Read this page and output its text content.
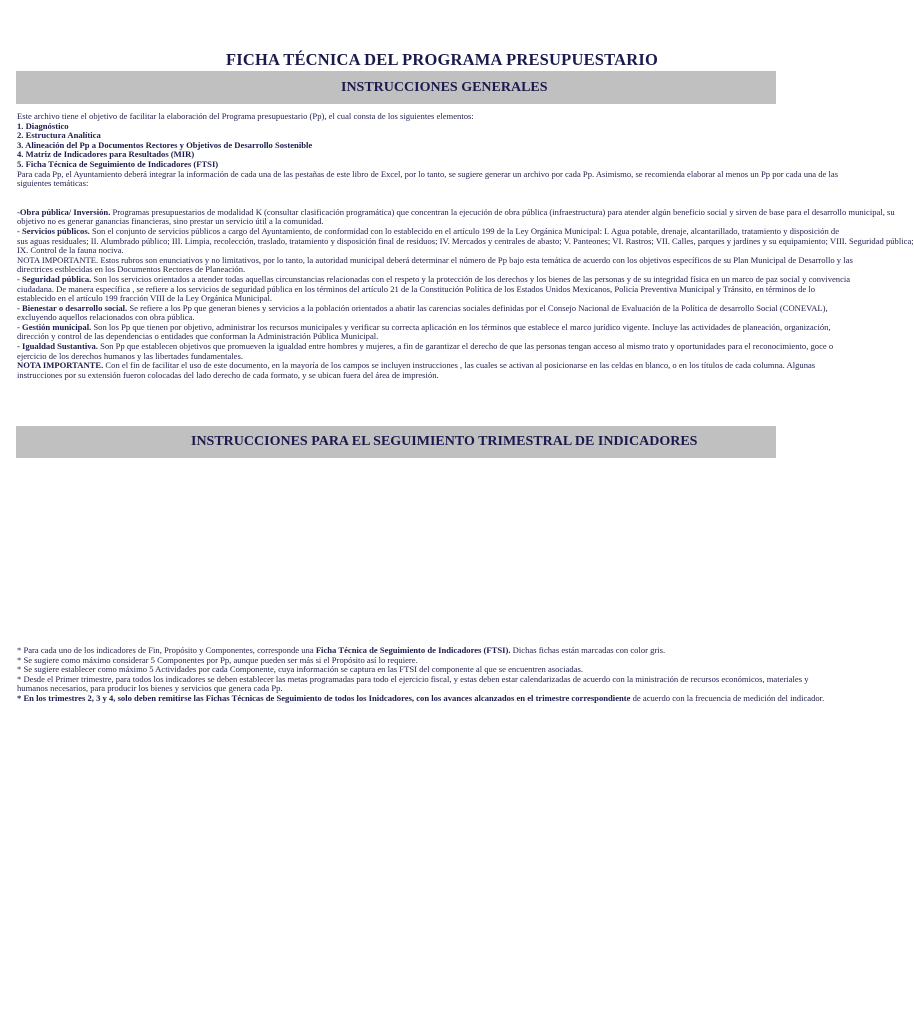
FICHA TÉCNICA DEL PROGRAMA PRESUPUESTARIO
INSTRUCCIONES GENERALES
Este archivo tiene el objetivo de facilitar la elaboración del Programa presupuestario (Pp), el cual consta de los siguientes elementos:
1. Diagnóstico
2. Estructura Analítica
3. Alineación del Pp a Documentos Rectores y Objetivos de Desarrollo Sostenible
4. Matriz de Indicadores para Resultados (MIR)
5. Ficha Técnica de Seguimiento de Indicadores (FTSI)
Para cada Pp, el Ayuntamiento deberá integrar la información de cada una de las pestañas de este libro de Excel, por lo tanto, se sugiere generar un archivo por cada Pp. Asimismo, se recomienda elaborar al menos un Pp por cada una de las
siguientes temáticas:
-Obra pública/ Inversión. Programas presupuestarios de modalidad K (consultar clasificación programática) que concentran la ejecución de obra pública (infraestructura) para atender algún beneficio social y sirven de base para el desarrollo municipal, su
objetivo no es generar ganancias financieras, sino prestar un servicio útil a la comunidad.
- Servicios públicos. Son el conjunto de servicios públicos a cargo del Ayuntamiento, de conformidad con lo establecido en el artículo 199 de la Ley Orgánica Municipal: I. Agua potable, drenaje, alcantarillado, tratamiento y disposición de
sus aguas residuales; II. Alumbrado público; III. Limpia, recolección, traslado, tratamiento y disposición final de residuos; IV. Mercados y centrales de abasto; V. Panteones; VI. Rastros; VII. Calles, parques y jardines y su equipamiento; VIII. Seguridad pública;
IX. Control de la fauna nociva.
NOTA IMPORTANTE. Estos rubros son enunciativos y no limitativos, por lo tanto, la autoridad municipal deberá determinar el número de Pp bajo esta temática de acuerdo con los objetivos específicos de su Plan Municipal de Desarrollo y las
directrices estblecidas en los Documentos Rectores de Planeación.
- Seguridad pública. Son los servicios orientados a atender todas aquellas circunstancias relacionadas con el respeto y la protección de los derechos y los bienes de las personas y de su integridad física en un marco de paz social y convivencia
ciudadana. De manera específica , se refiere a los servicios de seguridad pública en los términos del artículo 21 de la Constitución Política de los Estados Unidos Mexicanos, Policía Preventiva Municipal y Tránsito, en términos de lo
establecido en el artículo 199 fracción VIII de la Ley Orgánica Municipal.
- Bienestar o desarrollo social. Se refiere a los Pp que generan bienes y servicios a la población orientados a abatir las carencias sociales definidas por el Consejo Nacional de Evaluación de la Política de desarrollo Social (CONEVAL),
excluyendo aquellos relacionados con obra pública.
- Gestión municipal. Son los Pp que tienen por objetivo, administrar los recursos municipales y verificar su correcta aplicación en los términos que establece el marco jurídico vigente. Incluye las actividades de planeación, organización,
dirección y control de las dependencias o entidades que conforman la Administración Pública Municipal.
- Igualdad Sustantiva. Son Pp que establecen objetivos que promueven la igualdad entre hombres y mujeres, a fin de garantizar el derecho de que las personas tengan acceso al mismo trato y oportunidades para el reconocimiento, goce o
ejercicio de los derechos humanos y las libertades fundamentales.
NOTA IMPORTANTE. Con el fin de facilitar el uso de este documento, en la mayoría de los campos se incluyen instrucciones , las cuales se activan al posicionarse en las celdas en blanco, o en los títulos de cada columna. Algunas
instrucciones por su extensión fueron colocadas del lado derecho de cada formato, y se ubican fuera del área de impresión.
INSTRUCCIONES PARA EL SEGUIMIENTO TRIMESTRAL DE INDICADORES
* Para cada uno de los indicadores de Fin, Propósito y Componentes, corresponde una Ficha Técnica de Seguimiento de Indicadores (FTSI). Dichas fichas están marcadas con color gris.
* Se sugiere como máximo considerar 5 Componentes por Pp, aunque pueden ser más si el Propósito así lo requiere.
* Se sugiere establecer como máximo 5 Actividades por cada Componente, cuya información se captura en las FTSI del componente al que se encuentren asociadas.
* Desde el Primer trimestre, para todos los indicadores se deben establecer las metas programadas para todo el ejercicio fiscal, y estas deben estar calendarizadas de acuerdo con la ministración de recursos económicos, materiales y
humanos necesarios, para producir los bienes y servicios que genera cada Pp.
* En los trimestres 2, 3 y 4, solo deben remitirse las Fichas Técnicas de Seguimiento de todos los Inidcadores, con los avances alcanzados en el trimestre correspondiente de acuerdo con la frecuencia de medición del indicador.
